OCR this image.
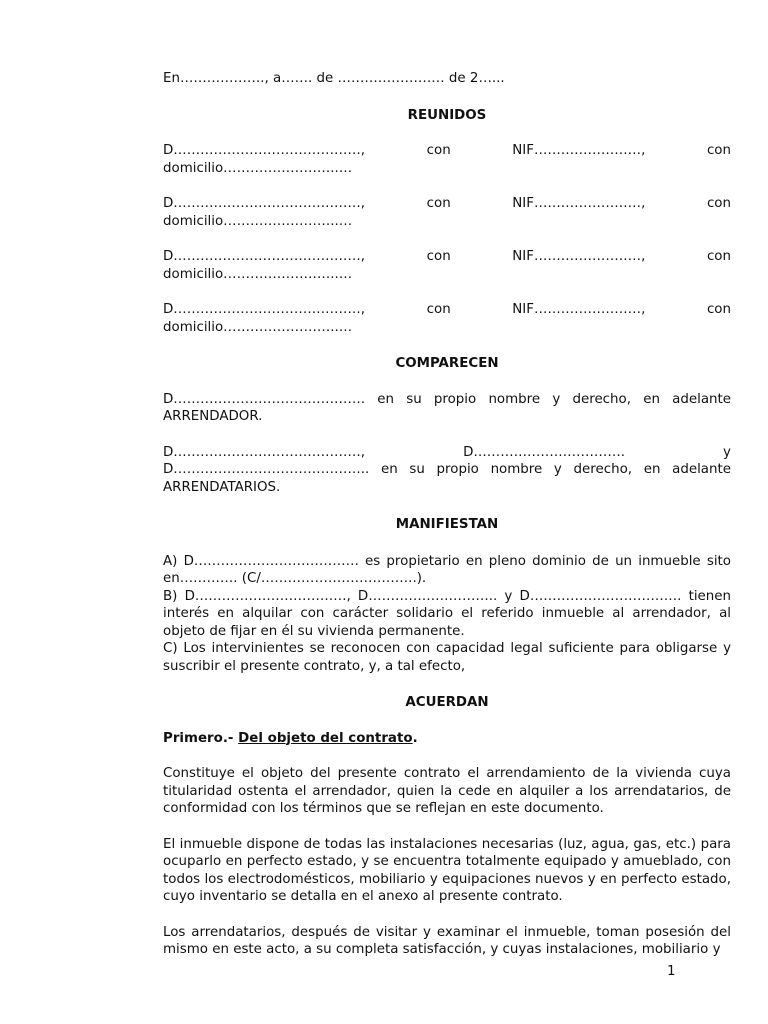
En………………., a……. de …………………… de 2…...

REUNIDOS

D……………………………………,	con	NIF……………………,	con

domicilio……………………..…

D……………………………………,	con	NIF……………………,	con

domicilio……………………..…

D……………………………………,	con	NIF……………………,	con

domicilio……………………..…

D……………………………………,	con	NIF……………………,	con

domicilio……………………..…

COMPARECEN

D……………………………………. en su propio nombre y derecho, en adelante ARRENDADOR.

D……………………………………,	D…………………………….	y

D…………………………………….. en su propio nombre y derecho, en adelante ARRENDATARIOS.

MANIFIESTAN

A) D………………………………. es propietario en pleno dominio de un inmueble sito en…………. (C/……………………………..).

B) D……………………………., D……………………….. y D……………………………. tienen interés en alquilar con carácter solidario el referido inmueble al arrendador, al objeto de fijar en él su vivienda permanente.

C) Los intervinientes se reconocen con capacidad legal suficiente para obligarse y suscribir el presente contrato, y, a tal efecto,

ACUERDAN

Primero.- Del objeto del contrato.

Constituye el objeto del presente contrato el arrendamiento de la vivienda cuya titularidad ostenta el arrendador, quien la cede en alquiler a los arrendatarios, de conformidad con los términos que se reflejan en este documento.

El inmueble dispone de todas las instalaciones necesarias (luz, agua, gas, etc.) para ocuparlo en perfecto estado, y se encuentra totalmente equipado y amueblado, con todos los electrodomésticos, mobiliario y equipaciones nuevos y en perfecto estado, cuyo inventario se detalla en el anexo al presente contrato.

Los arrendatarios, después de visitar y examinar el inmueble, toman posesión del mismo en este acto, a su completa satisfacción, y cuyas instalaciones, mobiliario y

1
